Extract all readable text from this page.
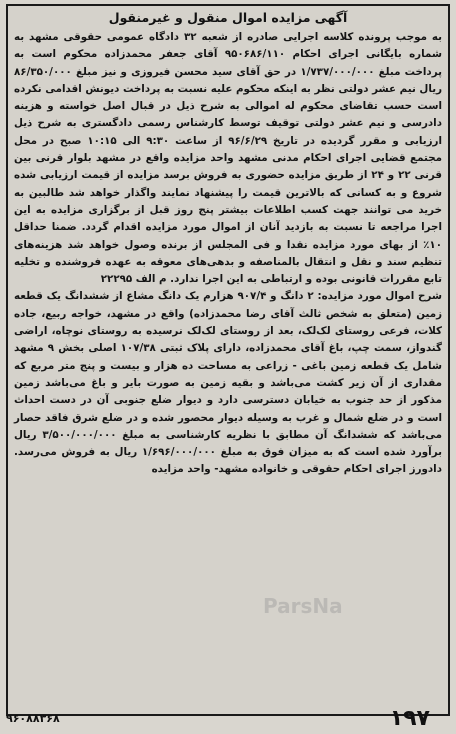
آگهی مزایده اموال منقول و غیرمنقول

به موجب پرونده کلاسه اجرایی صادره از شعبه ۳۲ دادگاه عمومی حقوقی مشهد به شماره بایگانی اجرای احکام ۹۵۰۶۸۶/۱۱۰ آقای جعفر محمدزاده محکوم است به پرداخت مبلغ ۱/۷۳۷/۰۰۰/۰۰۰ در حق آقای سید محسن فیروزی و نیز مبلغ ۸۶/۳۵۰/۰۰۰ ریال نیم عشر دولتی نظر به اینکه محکوم علیه نسبت به پرداخت دیونش اقدامی نکرده است حسب تقاضای محکوم له اموالی به شرح ذیل در قبال اصل خواسته و هزینه دادرسی و نیم عشر دولتی توقیف توسط کارشناس رسمی دادگستری به شرح ذیل ارزیابی و مقرر گردیده در تاریخ ۹۶/۶/۲۹ از ساعت ۹:۳۰ الی ۱۰:۱۵ صبح در محل مجتمع قضایی اجرای احکام مدنی مشهد واحد مزایده واقع در مشهد بلوار قرنی بین قرنی ۲۲ و ۲۴ از طریق مزایده حضوری به فروش برسد مزایده از قیمت ارزیابی شده شروع و به کسانی که بالاترین قیمت را پیشنهاد نمایند واگذار خواهد شد طالبین به خرید می توانند جهت کسب اطلاعات بیشتر پنج روز قبل از برگزاری مزایده به این اجرا مراجعه تا نسبت به بازدید آنان از اموال مورد مزایده اقدام گردد. ضمنا حداقل ۱۰٪ از بهای مورد مزایده نقدا و فی المجلس از برنده وصول خواهد شد هزینه‌های تنظیم سند و نقل و انتقال بالمناصفه و بدهی‌های معوقه به عهده فروشنده و تخلیه تابع مقررات قانونی بوده و ارتباطی به این اجرا ندارد. م الف ۲۲۲۹۵

شرح اموال مورد مزایده: ۲ دانگ و ۹۰۷/۴ هزارم یک دانگ مشاع از ششدانگ یک قطعه زمین (متعلق به شخص ثالث آقای رضا محمدزاده) واقع در مشهد، خواجه ربیع، جاده کلات، فرعی روستای لک‌لک، بعد از روستای لک‌لک نرسیده به روستای نوچاه، اراضی گندواز، سمت چپ، باغ آقای محمدزاده، دارای پلاک ثبتی ۱۰۷/۳۸ اصلی بخش ۹ مشهد شامل یک قطعه زمین باغی - زراعی به مساحت ده هزار و بیست و پنج متر مربع که مقداری از آن زیر کشت می‌باشد و بقیه زمین به صورت بایر و باغ می‌باشد زمین مذکور از حد جنوب به خیابان دسترسی دارد و دیوار ضلع جنوبی آن در دست احداث است و در ضلع شمال و غرب به وسیله دیوار محصور شده و در ضلع شرق فاقد حصار می‌باشد که ششدانگ آن مطابق با نظریه کارشناسی به مبلغ ۳/۵۰۰/۰۰۰/۰۰۰ ریال برآورد شده است که به میزان فوق به مبلغ ۱/۶۹۶/۰۰۰/۰۰۰ ریال به فروش می‌رسد. دادورز اجرای احکام حقوقی و خانواده مشهد- واحد مزایده

ParsNa
۹۶۰۸۸۳۶۸	۱۹۷
